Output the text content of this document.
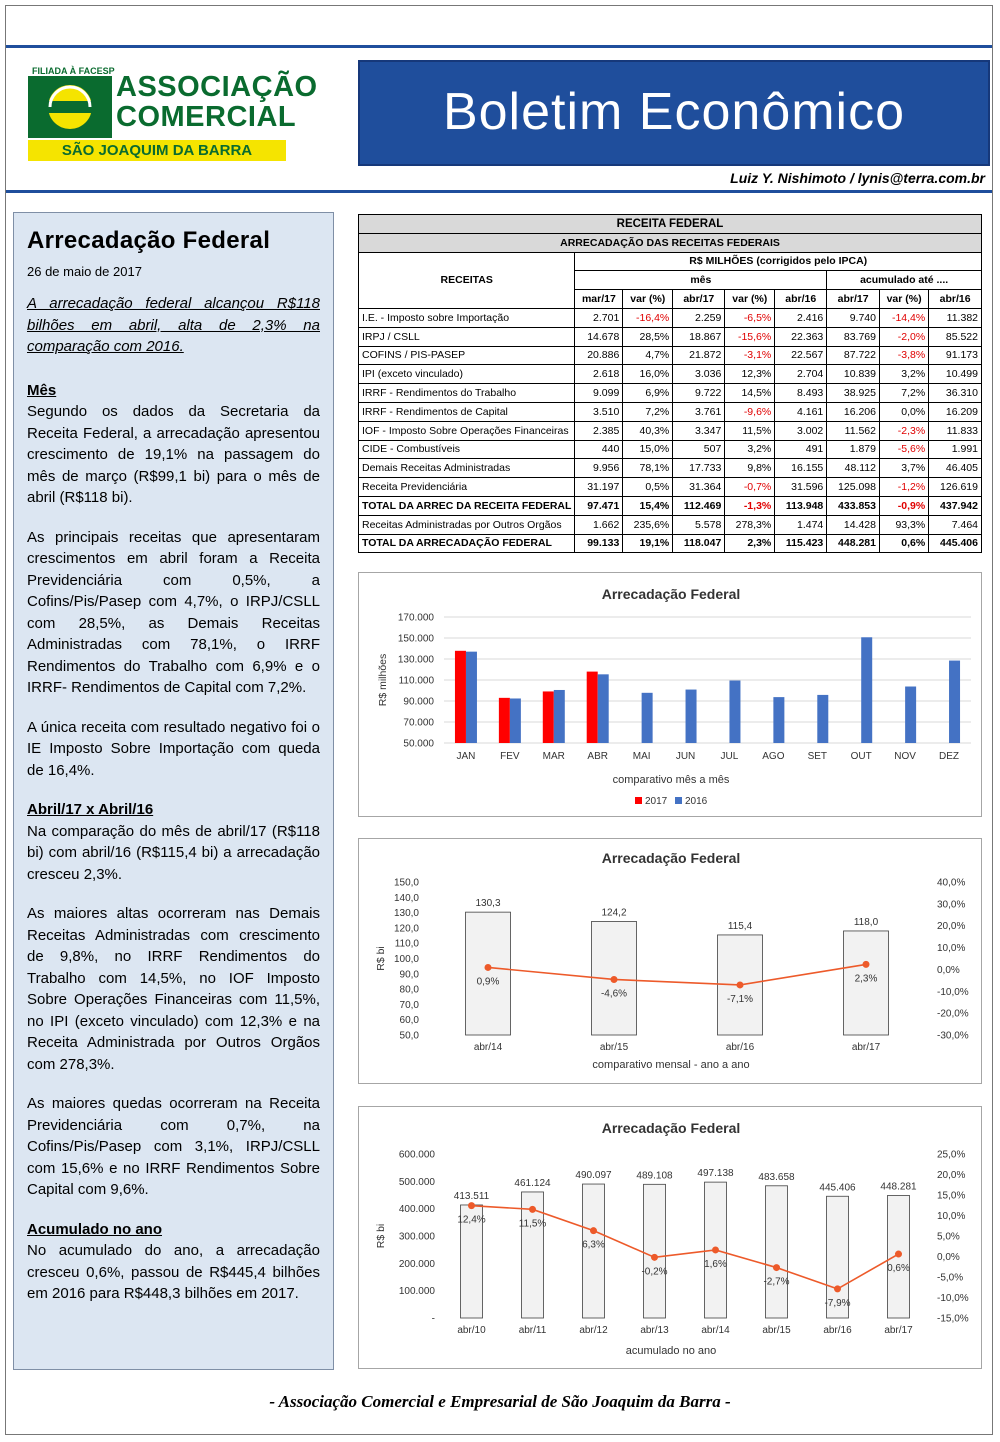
FILIADA À FACESP ASSOCIAÇÃO
COMERCIAL
SÃO JOAQUIM DA BARRA
Boletim Econômico
Luiz Y. Nishimoto / lynis@terra.com.br
Arrecadação Federal
26 de maio de 2017
A arrecadação federal alcançou R$118 bilhões em abril, alta de 2,3% na comparação com 2016.
Mês

Segundo os dados da Secretaria da Receita Federal, a arrecadação apresentou crescimento de 19,1% na passagem do mês de março (R$99,1 bi) para o mês de abril (R$118 bi).

As principais receitas que apresentaram crescimentos em abril foram a Receita Previdenciária com 0,5%, a Cofins/Pis/Pasep com 4,7%, o IRPJ/CSLL com 28,5%, as Demais Receitas Administradas com 78,1%, o IRRF Rendimentos do Trabalho com 6,9% e o IRRF- Rendimentos de Capital com 7,2%.

A única receita com resultado negativo foi o IE Imposto Sobre Importação com queda de 16,4%.

Abril/17 x Abril/16

Na comparação do mês de abril/17 (R$118 bi) com abril/16 (R$115,4 bi) a arrecadação cresceu 2,3%.

As maiores altas ocorreram nas Demais Receitas Administradas com crescimento de 9,8%, no IRRF Rendimentos do Trabalho com 14,5%, no IOF Imposto Sobre Operações Financeiras com 11,5%, no IPI (exceto vinculado) com 12,3% e na Receita Administrada por Outros Orgãos com 278,3%.

As maiores quedas ocorreram na Receita Previdenciária com 0,7%, na Cofins/Pis/Pasep com 3,1%, IRPJ/CSLL com 15,6% e no IRRF Rendimentos Sobre Capital com 9,6%.

Acumulado no ano

No acumulado do ano, a arrecadação cresceu 0,6%, passou de R$445,4 bilhões em 2016 para R$448,3 bilhões em 2017.

RECEITA FEDERAL								
ARRECADAÇÃO DAS RECEITAS FEDERAIS								
RECEITAS	R$ MILHÕES (corrigidos pelo IPCA)							
	mês					acumulado até ....		
	mar/17	var (%)	abr/17	var (%)	abr/16	abr/17	var (%)	abr/16
I.E. - Imposto sobre Importação	2.701	-16,4%	2.259	-6,5%	2.416	9.740	-14,4%	11.382
IRPJ / CSLL	14.678	28,5%	18.867	-15,6%	22.363	83.769	-2,0%	85.522
COFINS / PIS-PASEP	20.886	4,7%	21.872	-3,1%	22.567	87.722	-3,8%	91.173
IPI (exceto vinculado)	2.618	16,0%	3.036	12,3%	2.704	10.839	3,2%	10.499
IRRF - Rendimentos do Trabalho	9.099	6,9%	9.722	14,5%	8.493	38.925	7,2%	36.310
IRRF - Rendimentos de Capital	3.510	7,2%	3.761	-9,6%	4.161	16.206	0,0%	16.209
IOF - Imposto Sobre Operações Financeiras	2.385	40,3%	3.347	11,5%	3.002	11.562	-2,3%	11.833
CIDE - Combustíveis	440	15,0%	507	3,2%	491	1.879	-5,6%	1.991
Demais Receitas Administradas	9.956	78,1%	17.733	9,8%	16.155	48.112	3,7%	46.405
Receita Previdenciária	31.197	0,5%	31.364	-0,7%	31.596	125.098	-1,2%	126.619
TOTAL DA ARREC DA RECEITA FEDERAL	97.471	15,4%	112.469	-1,3%	113.948	433.853	-0,9%	437.942
Receitas Administradas por Outros Orgãos	1.662	235,6%	5.578	278,3%	1.474	14.428	93,3%	7.464
TOTAL DA ARRECADAÇÃO FEDERAL	99.133	19,1%	118.047	2,3%	115.423	448.281	0,6%	445.406
Arrecadação Federal
170.000
150.000
130.000
110.000
90.000
70.000
50.000
R$ milhões
JAN FEV MAR ABR MAI	JUN	JUL AGO SET OUT NOV DEZ
comparativo mês a mês
2017 2016
Arrecadação Federal
150,0
140,0
130,0
120,0
110,0
100,0
90,0
80,0
70,0
60,0
50,0
40,0%
30,0%
20,0%
10,0%
0,0%
-10,0%
-20,0%
-30,0%
R$ bi
130,3
abr/14
124,2
abr/15
115,4
abr/16
118,0
abr/17
0,9%
-4,6%	-7,1%
2,3%
comparativo mensal - ano a ano
Arrecadação Federal
600.000
500.000
400.000
300.000
200.000
100.000
-
25,0%
20,0%
15,0%
10,0%
5,0%
0,0%
-5,0%
-10,0%
-15,0%
R$ bi
413.511
abr/10
461.124
abr/11
490.097
abr/12
489.108
abr/13
497.138
abr/14
483.658
abr/15
445.406
abr/16
448.281
abr/17
12,4%	11,5%
6,3%
-0,2%
1,6%
-2,7%
-7,9%
0,6%
acumulado no ano
- Associação Comercial e Empresarial de São Joaquim da Barra -
